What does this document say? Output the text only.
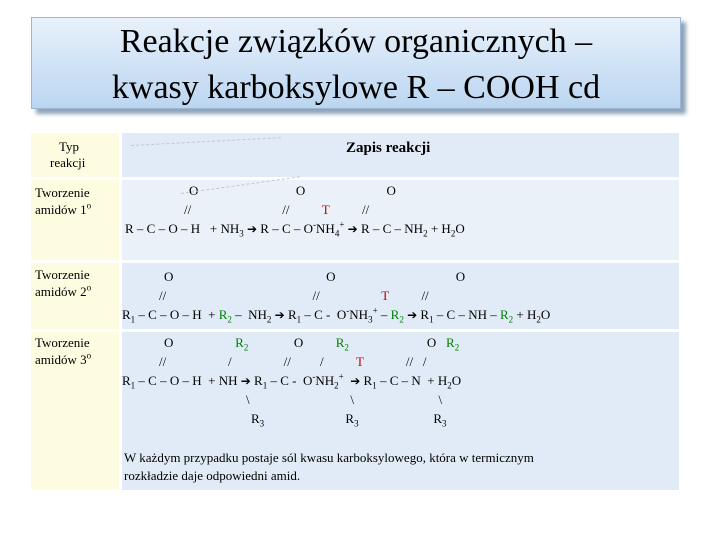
Reakcje związków organicznych –
kwasy karboksylowe R – COOH cd
Typ
reakcji
Zapis reakcji
Tworzenie
amidów 1$^o$
O                              O                         O
//                            //          T          //
$R - C - O - H + NH_3$ ➔ R – C – $O^-NH_4^+$ ➔ $R - C - NH_2 + H_2O$
Tworzenie
amidów 2$^o$
O                                               O                                     O
//                                             //                   T          //
$R_1 - C - O - H + R_2 - NH_2$ ➔ $R_1$ – C -  $O^-NH_3^+ - R_2$ ➔ $R_1$ – C – NH – $R_2 + H_2O$
Tworzenie
amidów 3$^o$
O                   $R_2$              O          $R_2$                        O   $R_2$
//                   /                //         /          T             //   /
$R_1$ – C – O – H  + NH ➔ $R_1$ – C -  $O^-NH_2^+$ ➔ $R_1 - C - N + H_2O$
\                               \                          \
$R_3$                         $R_3$                       $R_3$
W każdym przypadku postaje sól kwasu karboksylowego, która w termicznym
rozkładzie daje odpowiedni amid.
